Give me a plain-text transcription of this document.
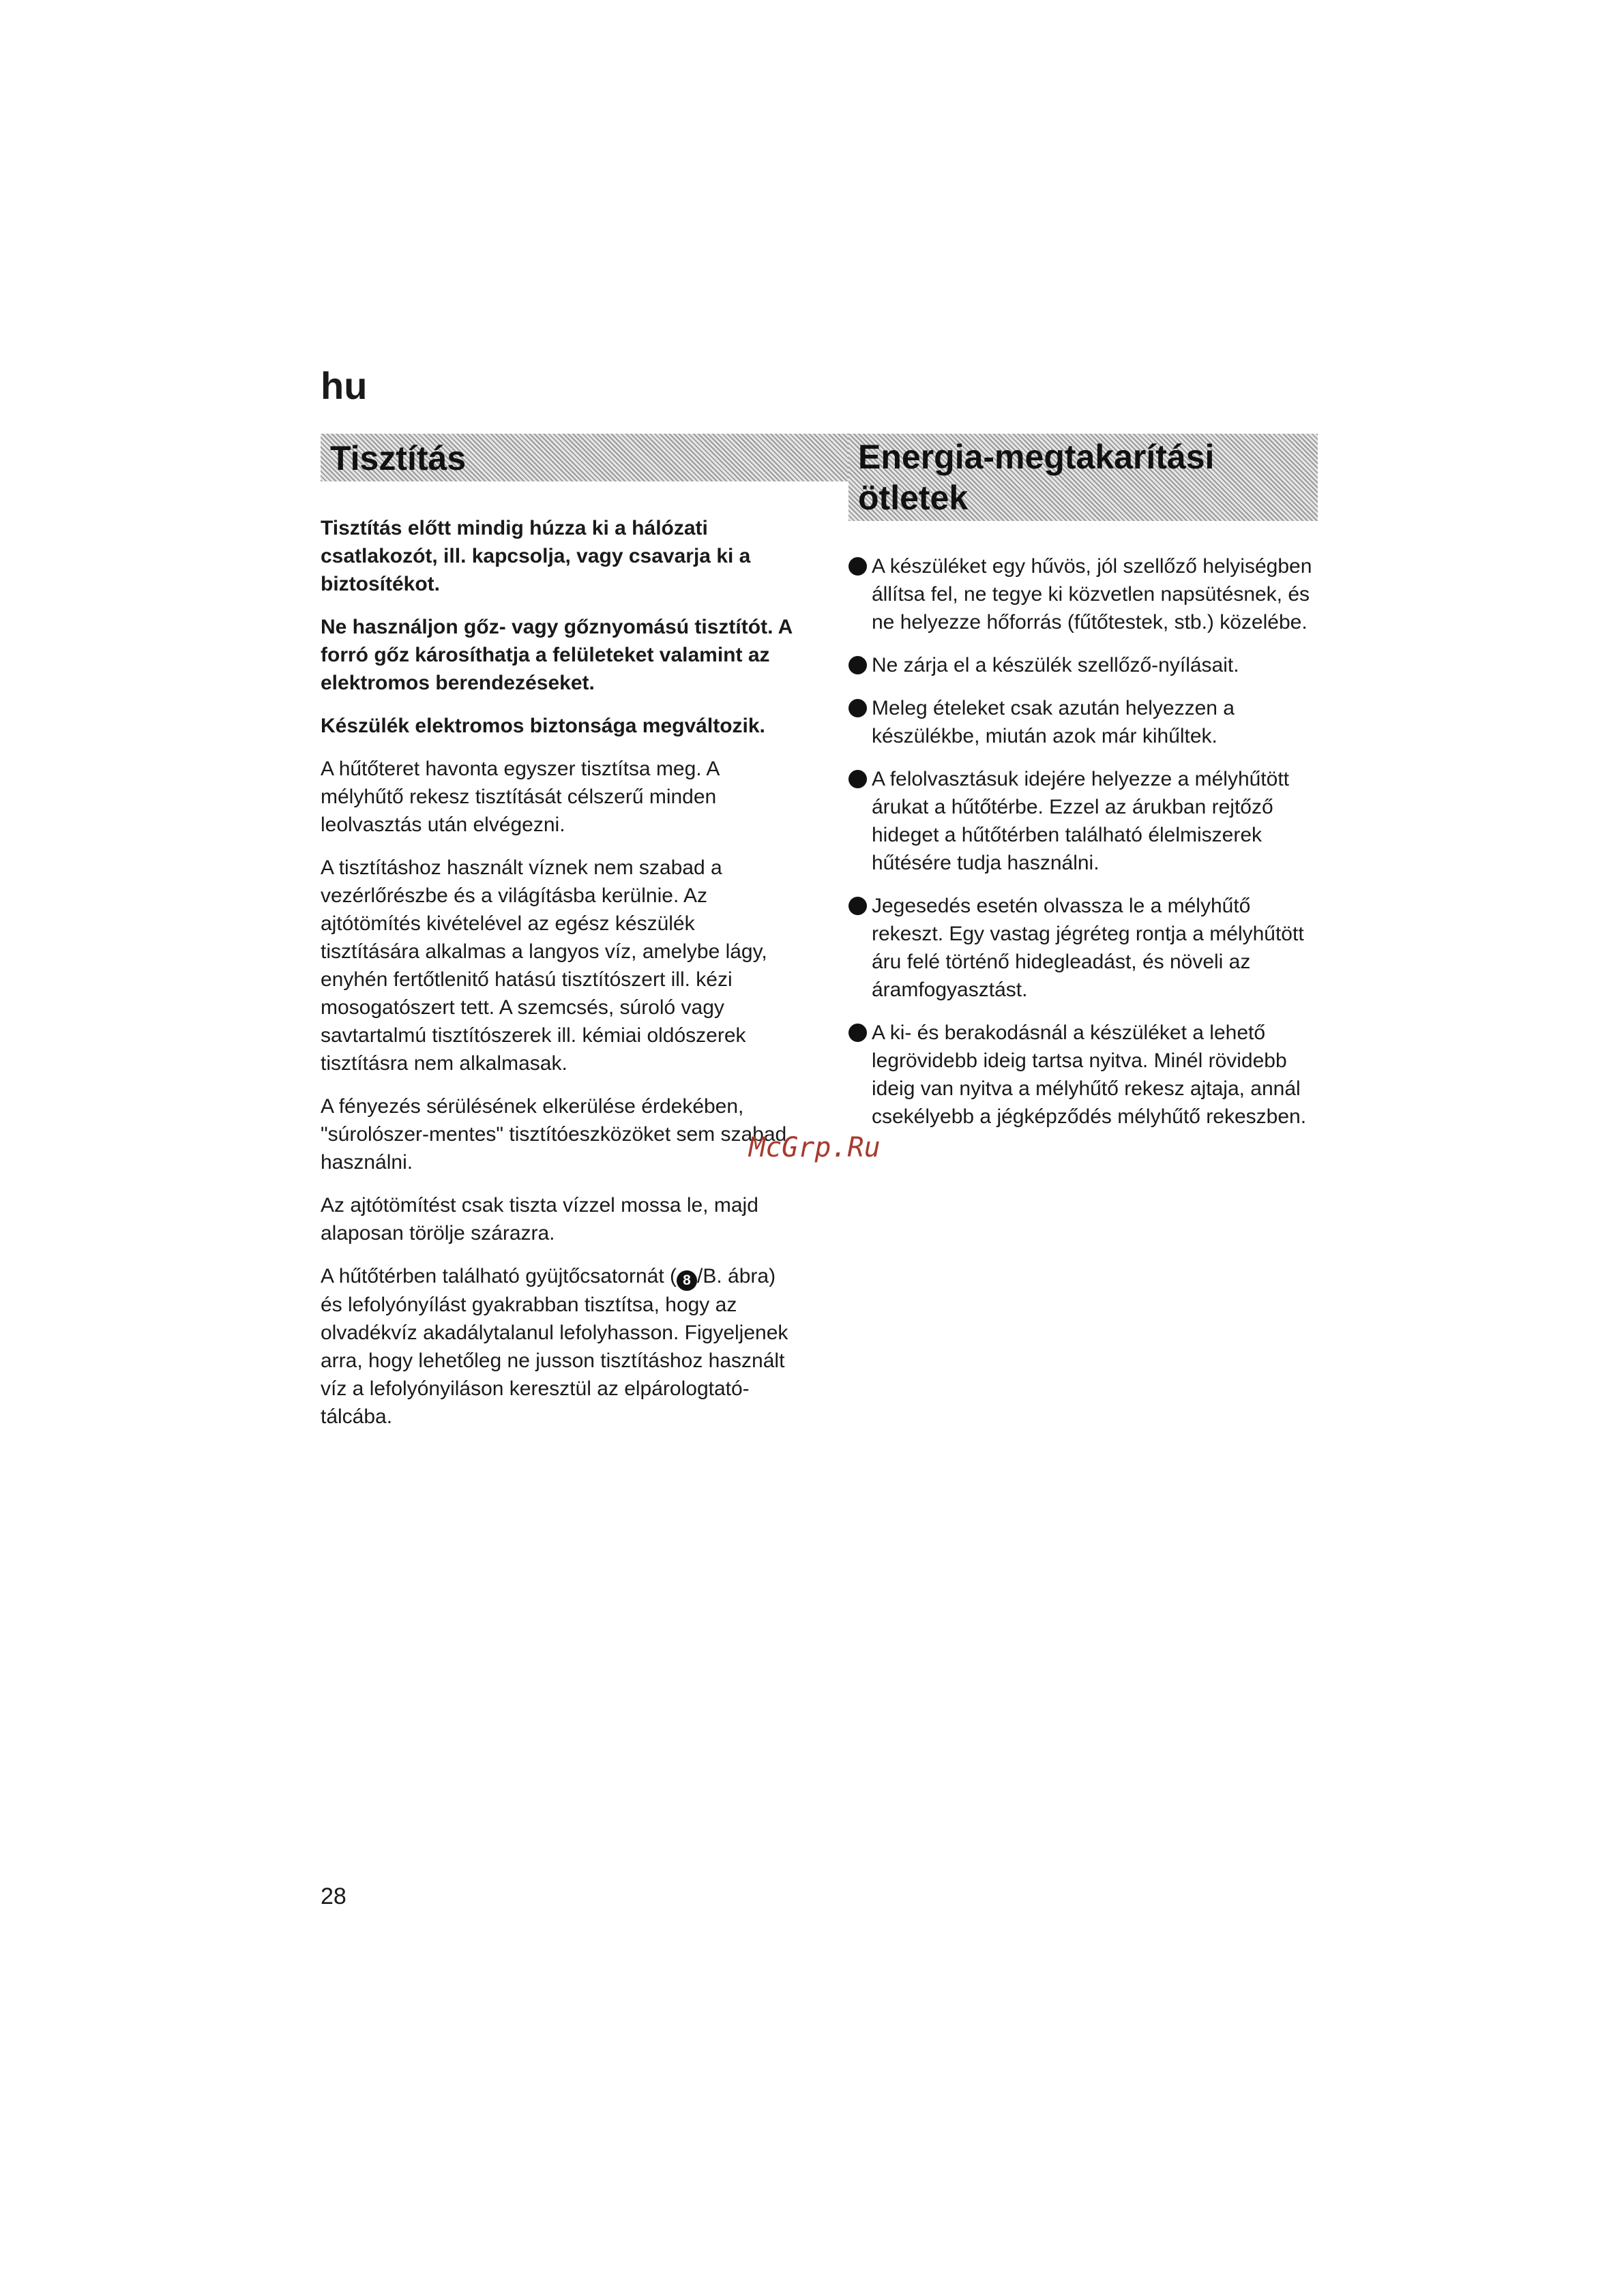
hu
Tisztítás	Energia-megtakarítási ötletek

Tisztítás előtt mindig húzza ki a hálózati csatlakozót, ill. kapcsolja, vagy csavarja ki a biztosítékot.

Ne használjon gőz- vagy gőznyomású tisztítót. A forró gőz károsíthatja a felületeket valamint az elektromos berendezéseket.

Készülék elektromos biztonsága megváltozik.

A hűtőteret havonta egyszer tisztítsa meg. A mélyhűtő rekesz tisztítását célszerű minden leolvasztás után elvégezni.

A tisztításhoz használt víznek nem szabad a vezérlőrészbe és a világításba kerülnie. Az ajtótömítés kivételével az egész készülék tisztítására alkalmas a langyos víz, amelybe lágy, enyhén fertőtlenitő hatású tisztítószert ill. kézi mosogatószert tett. A szemcsés, súroló vagy savtartalmú tisztítószerek ill. kémiai oldószerek tisztításra nem alkalmasak.

A fényezés sérülésének elkerülése érdekében, "súrolószer-mentes" tisztítóeszközöket sem szabad használni.

Az ajtótömítést csak tiszta vízzel mossa le, majd alaposan törölje szárazra.

A hűtőtérben található gyüjtőcsatornát ( 8 /B. ábra) és lefolyónyílást gyakrabban tisztítsa, hogy az olvadékvíz akadálytalanul lefolyhasson. Figyeljenek arra, hogy lehetőleg ne jusson tisztításhoz használt víz a lefolyónyiláson keresztül az elpárologtató-tálcába.

A készüléket egy hűvös, jól szellőző helyiségben állítsa fel, ne tegye ki közvetlen napsütésnek, és ne helyezze hőforrás (fűtőtestek, stb.) közelébe.
Ne zárja el a készülék szellőző-nyílásait.
Meleg ételeket csak azután helyezzen a készülékbe, miután azok már kihűltek.
A felolvasztásuk idejére helyezze a mélyhűtött árukat a hűtőtérbe. Ezzel az árukban rejtőző hideget a hűtőtérben található élelmiszerek hűtésére tudja használni.
Jegesedés esetén olvassza le a mélyhűtő rekeszt. Egy vastag jégréteg rontja a mélyhűtött áru felé történő hidegleadást, és növeli az áramfogyasztást.
A ki- és berakodásnál a készüléket a lehető legrövidebb ideig tartsa nyitva. Minél rövidebb ideig van nyitva a mélyhűtő rekesz ajtaja, annál csekélyebb a jégképződés mélyhűtő rekeszben.
McGrp.Ru
28
